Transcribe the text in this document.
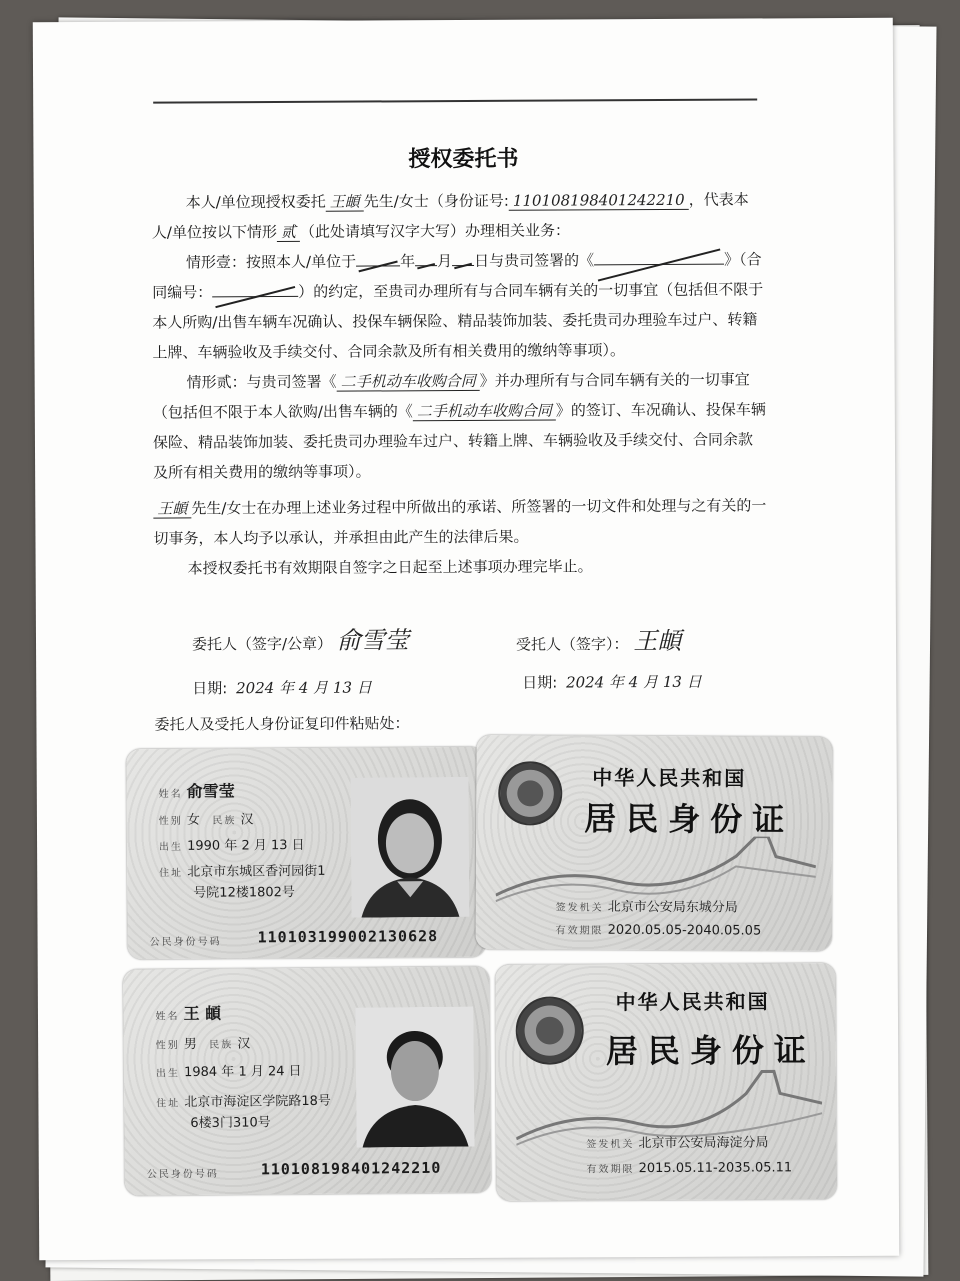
授权委托书

本人/单位现授权委托 王頔 先生/女士（身份证号: 110108198401242210 ，代表本人/单位按以下情形 贰 （此处请填写汉字大写）办理相关业务：

情形壹：按照本人/单位于	年 月 日与贵司签署的《	》（合同编号：	）的约定，至贵司办理所有与合同车辆有关的一切事宜（包括但不限于本人所购/出售车辆车况确认、投保车辆保险、精品装饰加装、委托贵司办理验车过户、转籍上牌、车辆验收及手续交付、合同余款及所有相关费用的缴纳等事项）。

情形贰：与贵司签署《 二手机动车收购合同 》并办理所有与合同车辆有关的一切事宜（包括但不限于本人欲购/出售车辆的《 二手机动车收购合同 》的签订、车况确认、投保车辆保险、精品装饰加装、委托贵司办理验车过户、转籍上牌、车辆验收及手续交付、合同余款及所有相关费用的缴纳等事项）。

王頔 先生/女士在办理上述业务过程中所做出的承诺、所签署的一切文件和处理与之有关的一切事务，本人均予以承认，并承担由此产生的法律后果。

本授权委托书有效期限自签字之日起至上述事项办理完毕止。

委托人（签字/公章） 俞雪莹	受托人（签字）： 王頔
日期: 2024 年 4 月 13 日	日期: 2024 年 4 月 13 日
委托人及受托人身份证复印件粘贴处：
姓名 俞雪莹
性别 女 民族 汉
出生 1990 年 2 月 13 日
住址 北京市东城区香河园街1
号院12楼1802号
公民身份号码 110103199002130628
中华人民共和国
居民身份证
签发机关 北京市公安局东城分局
有效期限 2020.05.05-2040.05.05
姓名 王 頔
性别 男 民族 汉
出生 1984 年 1 月 24 日
住址 北京市海淀区学院路18号
6楼3门310号
公民身份号码	110108198401242210
中华人民共和国
居民身份证
签发机关 北京市公安局海淀分局
有效期限 2015.05.11-2035.05.11
